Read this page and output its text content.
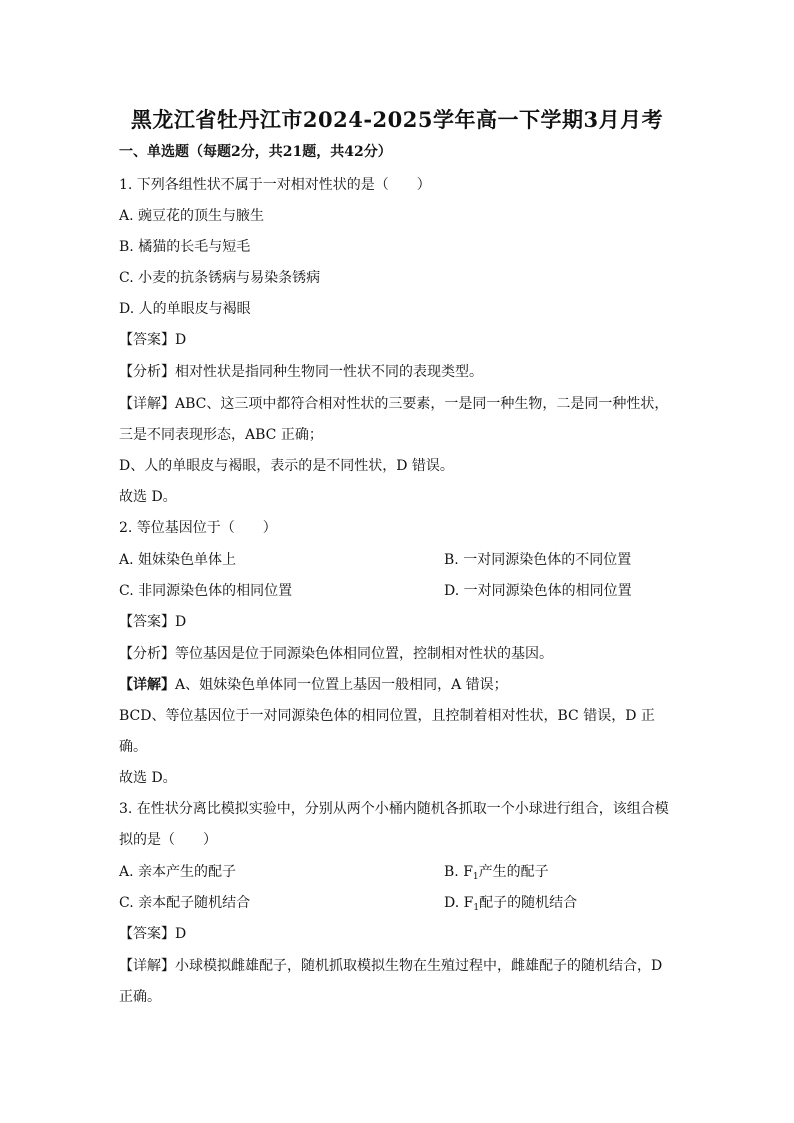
黑龙江省牡丹江市2024-2025学年高一下学期3月月考
一、单选题（每题2分，共21题，共42分）
1. 下列各组性状不属于一对相对性状的是（　　）
A. 豌豆花的顶生与腋生
B. 橘猫的长毛与短毛
C. 小麦的抗条锈病与易染条锈病
D. 人的单眼皮与褐眼
【答案】D
【分析】相对性状是指同种生物同一性状不同的表现类型。
【详解】ABC、这三项中都符合相对性状的三要素，一是同一种生物，二是同一种性状，
三是不同表现形态，ABC 正确；
D、人的单眼皮与褐眼，表示的是不同性状，D 错误。
故选 D。
2. 等位基因位于（　　）
A. 姐妹染色单体上	B. 一对同源染色体的不同位置
C. 非同源染色体的相同位置	D. 一对同源染色体的相同位置
【答案】D
【分析】等位基因是位于同源染色体相同位置，控制相对性状的基因。
【详解】A、姐妹染色单体同一位置上基因一般相同，A 错误；
BCD、等位基因位于一对同源染色体的相同位置，且控制着相对性状，BC 错误，D 正
确。
故选 D。
3. 在性状分离比模拟实验中，分别从两个小桶内随机各抓取一个小球进行组合，该组合模
拟的是（　　）
A. 亲本产生的配子	B. $F_1$产生的配子
C. 亲本配子随机结合	D. $F_1$配子的随机结合
【答案】D
【详解】小球模拟雌雄配子，随机抓取模拟生物在生殖过程中，雌雄配子的随机结合，D
正确。
